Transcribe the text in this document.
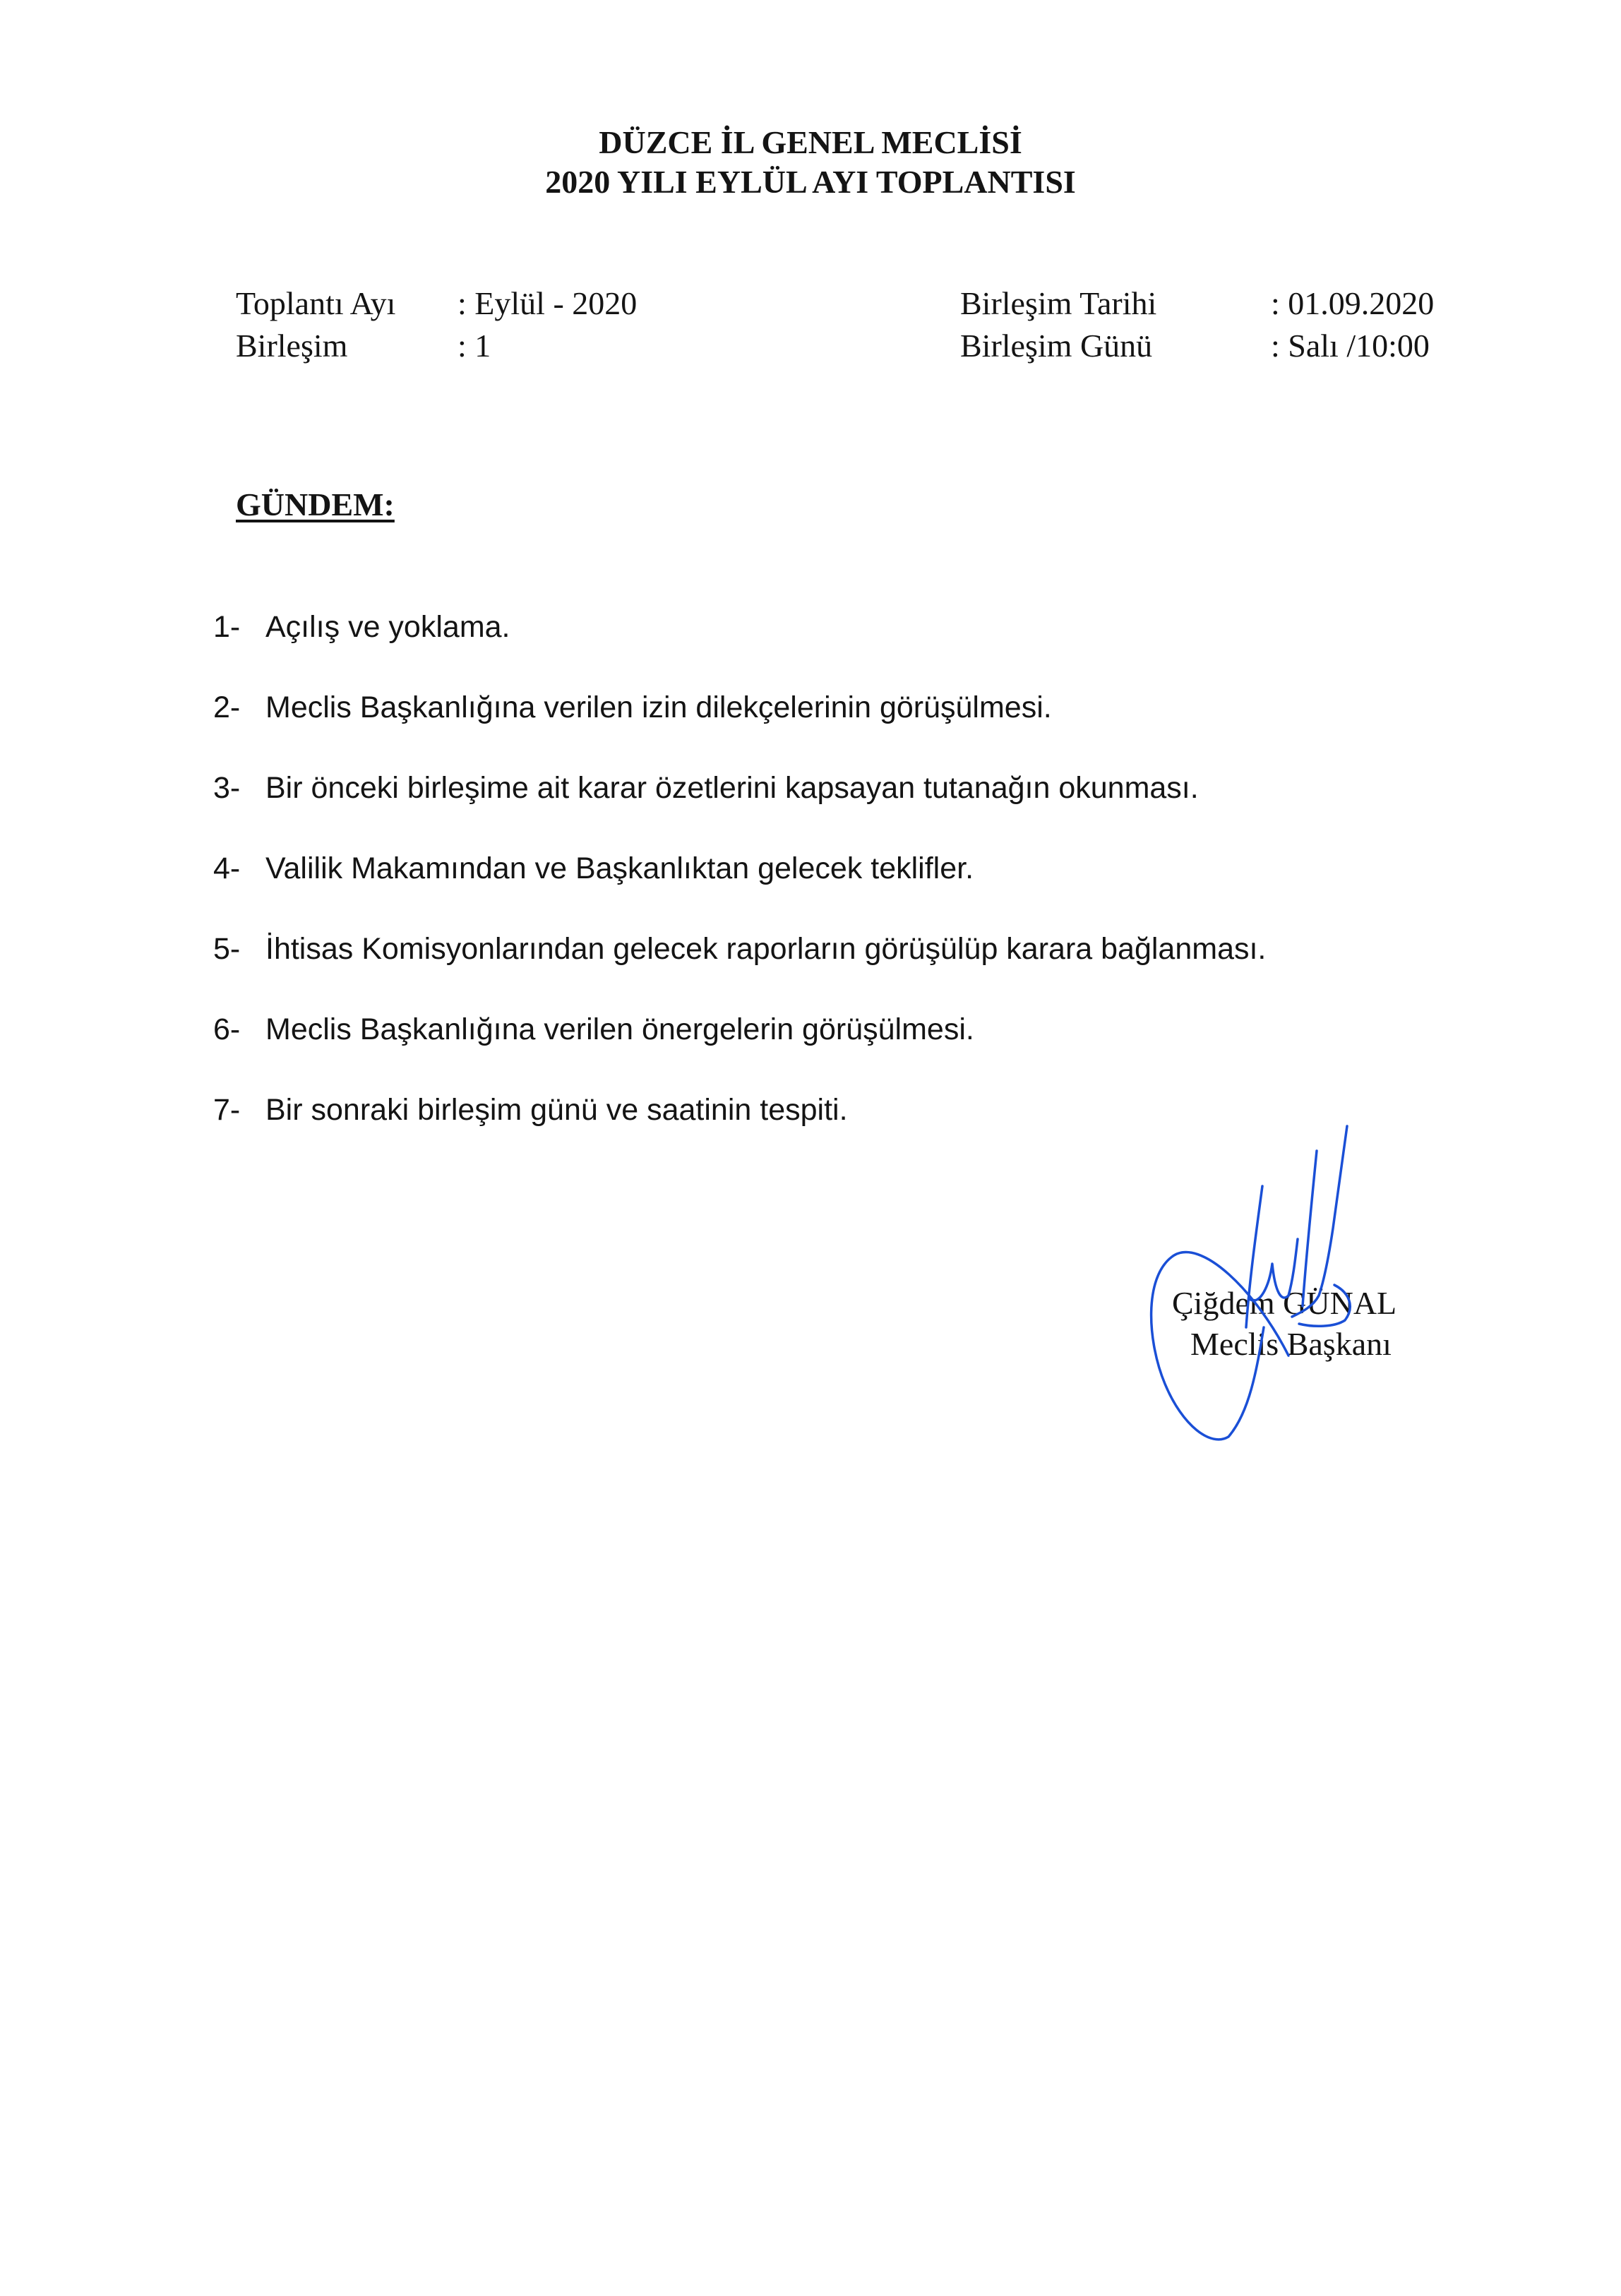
DÜZCE İL GENEL MECLİSİ
2020 YILI EYLÜL AYI TOPLANTISI
Toplantı Ayı : Eylül - 2020
Birleşim	: 1
Birleşim Tarihi	: 01.09.2020
Birleşim Günü	: Salı /10:00
GÜNDEM:
1- Açılış ve yoklama.
2- Meclis Başkanlığına verilen izin dilekçelerinin görüşülmesi.
3- Bir önceki birleşime ait karar özetlerini kapsayan tutanağın okunması.
4- Valilik Makamından ve Başkanlıktan gelecek teklifler.
5- İhtisas Komisyonlarından gelecek raporların görüşülüp karara bağlanması.
6- Meclis Başkanlığına verilen önergelerin görüşülmesi.
7- Bir sonraki birleşim günü ve saatinin tespiti.
Çiğdem GÜNAL
Meclis Başkanı
